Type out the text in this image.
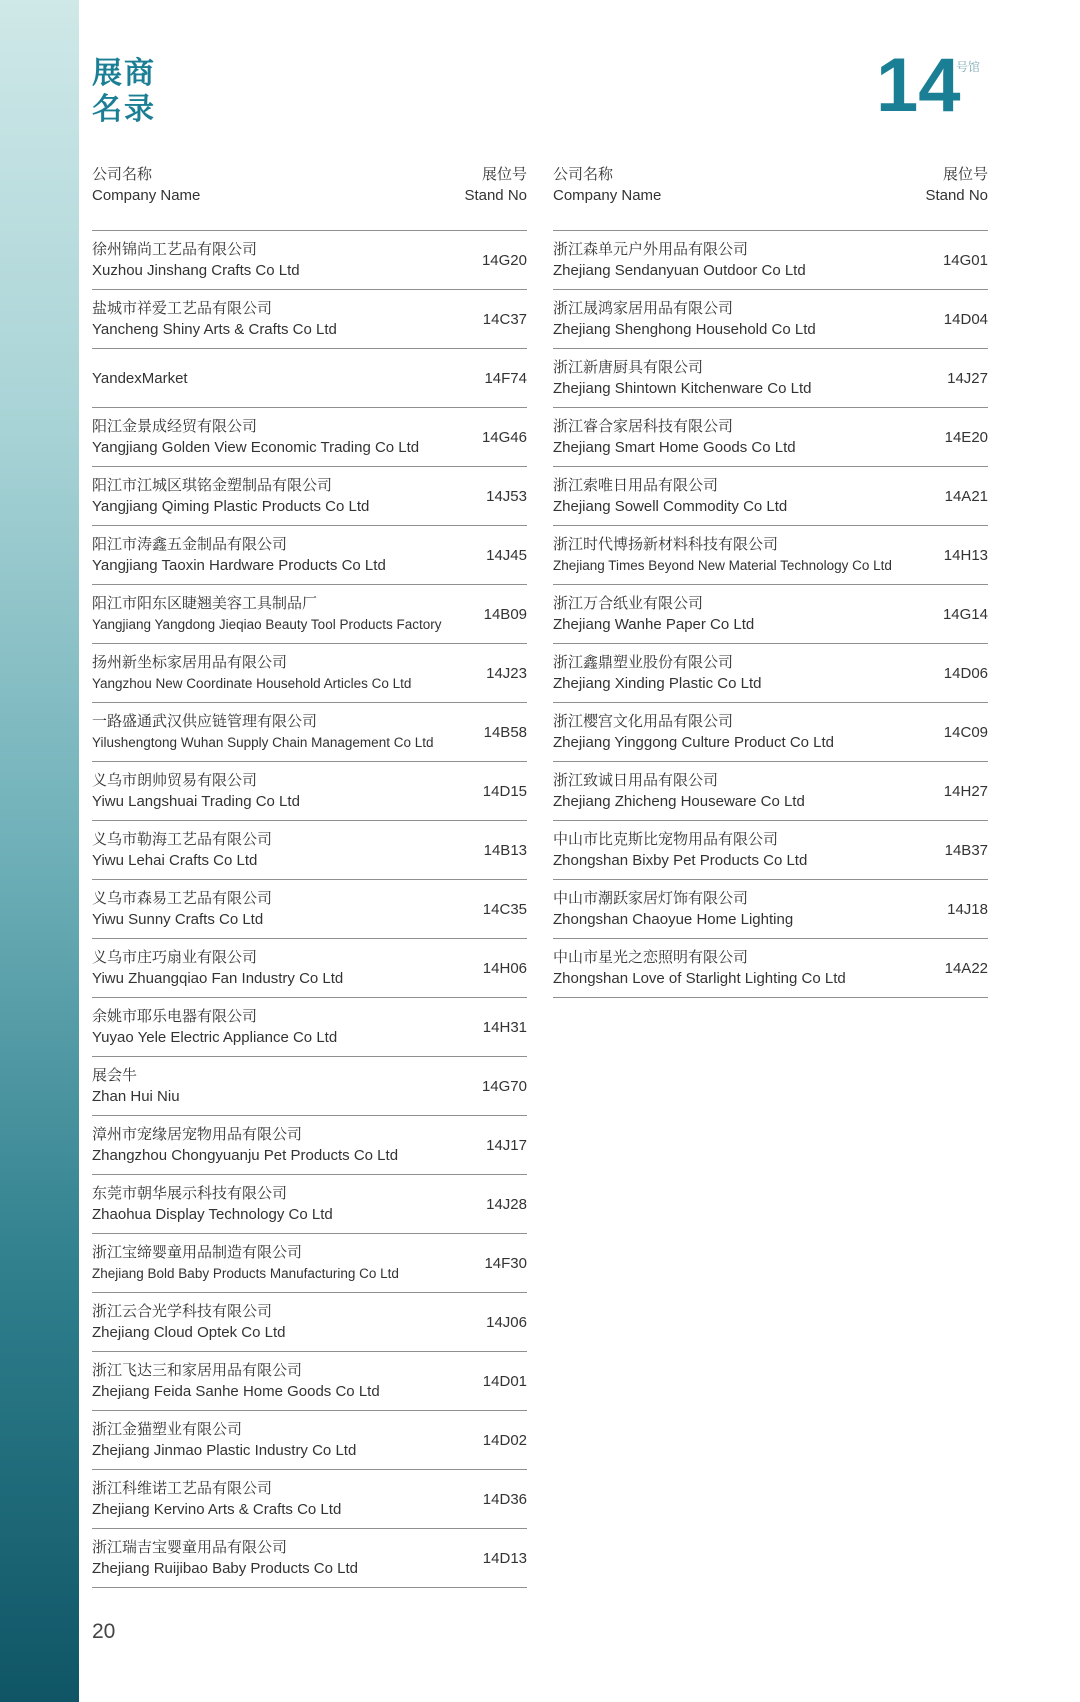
展商
名录	14
号馆
公司名称
Company Name
展位号
Stand No
徐州锦尚工艺品有限公司
Xuzhou Jinshang Crafts Co Ltd
14G20
盐城市祥爱工艺品有限公司
Yancheng Shiny Arts & Crafts Co Ltd
14C37
YandexMarket	14F74
阳江金景成经贸有限公司
Yangjiang Golden View Economic Trading Co Ltd
14G46
阳江市江城区琪铭金塑制品有限公司
Yangjiang Qiming Plastic Products Co Ltd
14J53
阳江市涛鑫五金制品有限公司
Yangjiang Taoxin Hardware Products Co Ltd
14J45
阳江市阳东区睫翘美容工具制品厂
Yangjiang Yangdong Jieqiao Beauty Tool Products Factory
14B09
扬州新坐标家居用品有限公司
Yangzhou New Coordinate Household Articles Co Ltd
14J23
一路盛通武汉供应链管理有限公司
Yilushengtong Wuhan Supply Chain Management Co Ltd
14B58
义乌市朗帅贸易有限公司
Yiwu Langshuai Trading Co Ltd
14D15
义乌市勒海工艺品有限公司
Yiwu Lehai Crafts Co Ltd
14B13
义乌市森易工艺品有限公司
Yiwu Sunny Crafts Co Ltd
14C35
义乌市庄巧扇业有限公司
Yiwu Zhuangqiao Fan Industry Co Ltd
14H06
余姚市耶乐电器有限公司
Yuyao Yele Electric Appliance Co Ltd
14H31
展会牛
Zhan Hui Niu
14G70
漳州市宠缘居宠物用品有限公司
Zhangzhou Chongyuanju Pet Products Co Ltd
14J17
东莞市朝华展示科技有限公司
Zhaohua Display Technology Co Ltd
14J28
浙江宝缔婴童用品制造有限公司
Zhejiang Bold Baby Products Manufacturing Co Ltd
14F30
浙江云合光学科技有限公司
Zhejiang Cloud Optek Co Ltd
14J06
浙江飞达三和家居用品有限公司
Zhejiang Feida Sanhe Home Goods Co Ltd
14D01
浙江金猫塑业有限公司
Zhejiang Jinmao Plastic Industry Co Ltd
14D02
浙江科维诺工艺品有限公司
Zhejiang Kervino Arts & Crafts Co Ltd
14D36
浙江瑞吉宝婴童用品有限公司
Zhejiang Ruijibao Baby Products Co Ltd
14D13
公司名称
Company Name
展位号
Stand No
浙江森单元户外用品有限公司
Zhejiang Sendanyuan Outdoor Co Ltd
14G01
浙江晟鸿家居用品有限公司
Zhejiang Shenghong Household Co Ltd
14D04
浙江新唐厨具有限公司
Zhejiang Shintown Kitchenware Co Ltd
14J27
浙江睿合家居科技有限公司
Zhejiang Smart Home Goods Co Ltd
14E20
浙江索唯日用品有限公司
Zhejiang Sowell Commodity Co Ltd
14A21
浙江时代博扬新材料科技有限公司
Zhejiang Times Beyond New Material Technology Co Ltd
14H13
浙江万合纸业有限公司
Zhejiang Wanhe Paper Co Ltd
14G14
浙江鑫鼎塑业股份有限公司
Zhejiang Xinding Plastic Co Ltd
14D06
浙江樱宫文化用品有限公司
Zhejiang Yinggong Culture Product Co Ltd
14C09
浙江致诚日用品有限公司
Zhejiang Zhicheng Houseware Co Ltd
14H27
中山市比克斯比宠物用品有限公司
Zhongshan Bixby Pet Products Co Ltd
14B37
中山市潮跃家居灯饰有限公司
Zhongshan Chaoyue Home Lighting
14J18
中山市星光之恋照明有限公司
Zhongshan Love of Starlight Lighting Co Ltd
14A22
20
